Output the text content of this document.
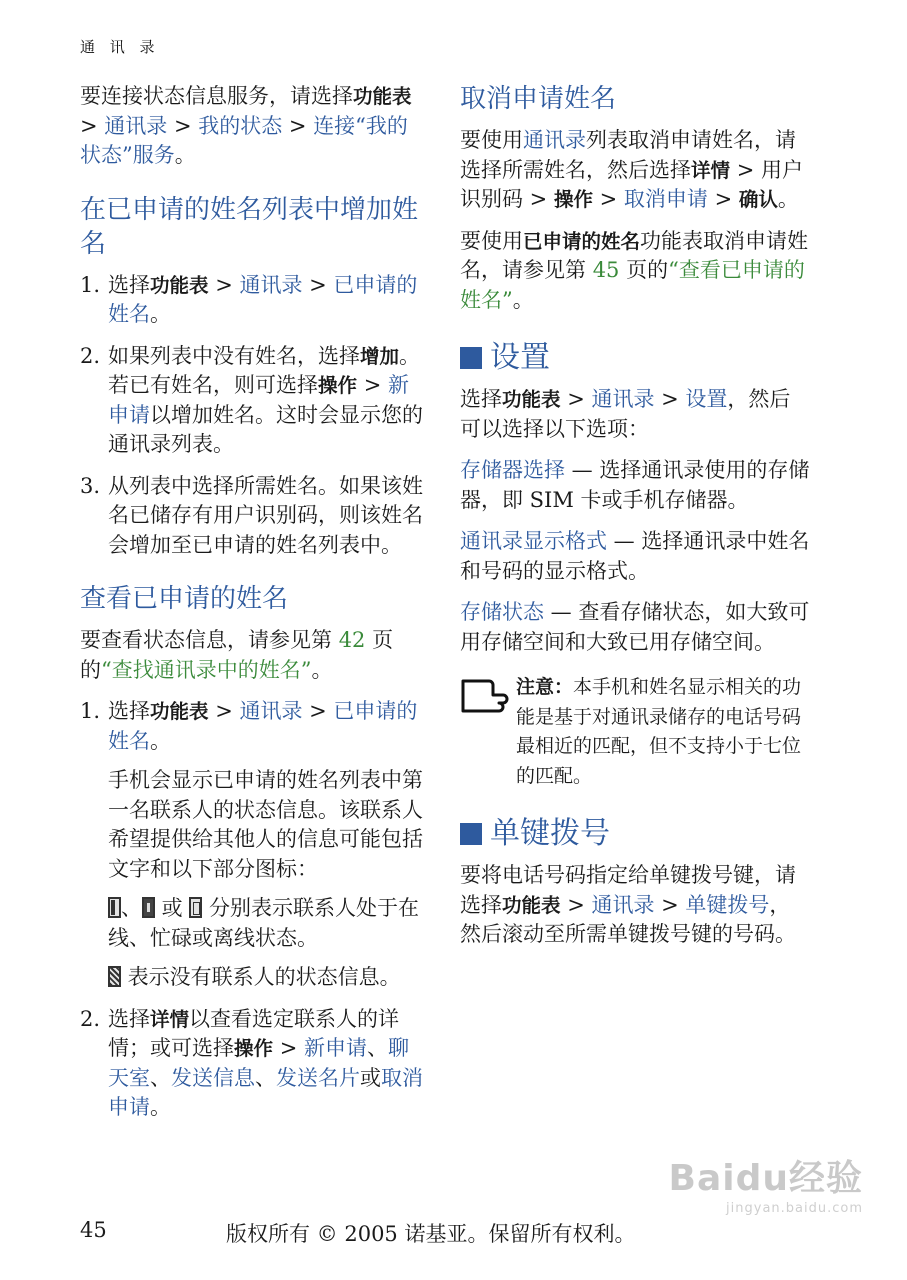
通 讯 录

要连接状态信息服务，请选择功能表 > 通讯录 > 我的状态 > 连接“我的状态”服务。

在已申请的姓名列表中增加姓名
1. 选择功能表 > 通讯录 > 已申请的姓名。
2. 如果列表中没有姓名，选择增加。若已有姓名，则可选择操作 > 新申请以增加姓名。这时会显示您的通讯录列表。
3. 从列表中选择所需姓名。如果该姓名已储存有用户识别码，则该姓名会增加至已申请的姓名列表中。
查看已申请的姓名

要查看状态信息，请参见第 42 页的“查找通讯录中的姓名”。

1. 选择功能表 > 通讯录 > 已申请的姓名。

手机会显示已申请的姓名列表中第一名联系人的状态信息。该联系人希望提供给其他人的信息可能包括文字和以下部分图标：

、 或  分别表示联系人处于在线、忙碌或离线状态。

表示没有联系人的状态信息。

2. 选择详情以查看选定联系人的详情；或可选择操作 > 新申请、聊天室、发送信息、发送名片或取消申请。
取消申请姓名

要使用通讯录列表取消申请姓名，请选择所需姓名，然后选择详情 > 用户识别码 > 操作 > 取消申请 > 确认。

要使用已申请的姓名功能表取消申请姓名，请参见第 45 页的“查看已申请的姓名”。

设置

选择功能表 > 通讯录 > 设置，然后可以选择以下选项：

存储器选择 — 选择通讯录使用的存储器，即 SIM 卡或手机存储器。

通讯录显示格式 — 选择通讯录中姓名和号码的显示格式。

存储状态 — 查看存储状态，如大致可用存储空间和大致已用存储空间。

注意：本手机和姓名显示相关的功能是基于对通讯录储存的电话号码最相近的匹配，但不支持小于七位的匹配。

单键拨号

要将电话号码指定给单键拨号键，请选择功能表 > 通讯录 > 单键拨号，然后滚动至所需单键拨号键的号码。

Baidu经验
jingyan.baidu.com
45	版权所有 © 2005 诺基亚。保留所有权利。
